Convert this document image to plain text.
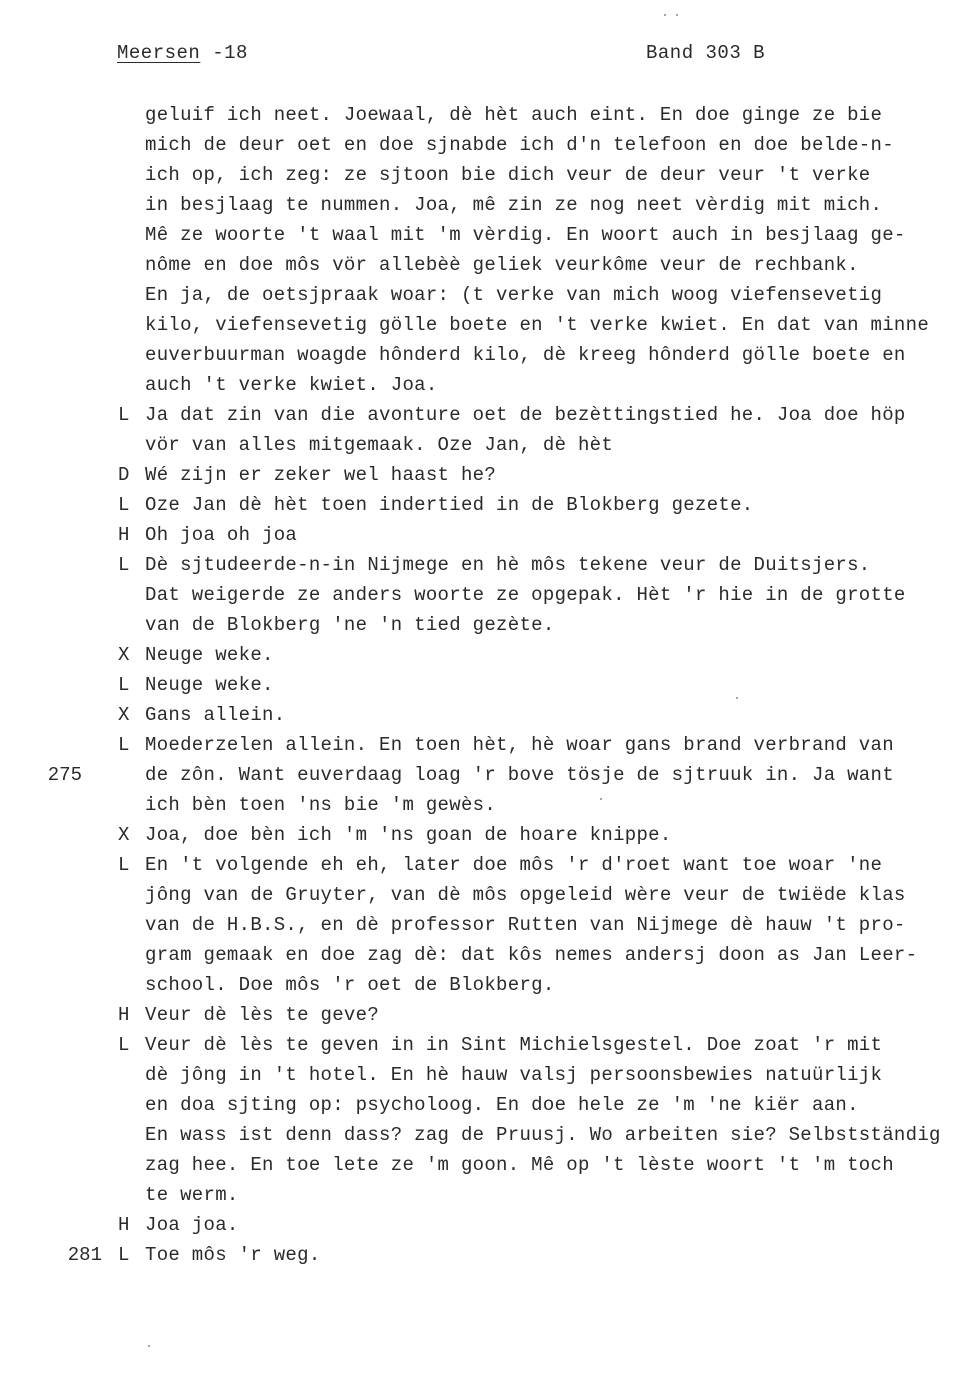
Meersen -18	Band 303 B
geluif ich neet. Joewaal, dè hèt auch eint. En doe ginge ze bie
mich de deur oet en doe sjnabde ich d'n telefoon en doe belde-n-
ich op, ich zeg: ze sjtoon bie dich veur de deur veur 't verke
in besjlaag te nummen. Joa, mê zin ze nog neet vèrdig mit mich.
Mê ze woorte 't waal mit 'm vèrdig. En woort auch in besjlaag ge-
nôme en doe môs vör allebèè geliek veurkôme veur de rechbank.
En ja, de oetsjpraak woar: (t verke van mich woog viefensevetig
kilo, viefensevetig gölle boete en 't verke kwiet. En dat van minne
euverbuurman woagde hônderd kilo, dè kreeg hônderd gölle boete en
auch 't verke kwiet. Joa.
L Ja dat zin van die avonture oet de bezèttingstied he. Joa doe höp
vör van alles mitgemaak. Oze Jan, dè hèt
D Wé zijn er zeker wel haast he?
L Oze Jan dè hèt toen indertied in de Blokberg gezete.
H Oh joa oh joa
L Dè sjtudeerde-n-in Nijmege en hè môs tekene veur de Duitsjers.
Dat weigerde ze anders woorte ze opgepak. Hèt 'r hie in de grotte
van de Blokberg 'ne 'n tied gezète.
X Neuge weke.
L Neuge weke.
X Gans allein.
L Moederzelen allein. En toen hèt, hè woar gans brand verbrand van
275	de zôn. Want euverdaag loag 'r bove tösje de sjtruuk in. Ja want
ich bèn toen 'ns bie 'm gewès.
X Joa, doe bèn ich 'm 'ns goan de hoare knippe.
L En 't volgende eh eh, later doe môs 'r d'roet want toe woar 'ne
jông van de Gruyter, van dè môs opgeleid wère veur de twiëde klas
van de H.B.S., en dè professor Rutten van Nijmege dè hauw 't pro-
gram gemaak en doe zag dè: dat kôs nemes andersj doon as Jan Leer-
school. Doe môs 'r oet de Blokberg.
H Veur dè lès te geve?
L Veur dè lès te geven in in Sint Michielsgestel. Doe zoat 'r mit
dè jông in 't hotel. En hè hauw valsj persoonsbewies natuürlijk
en doa sjting op: psycholoog. En doe hele ze 'm 'ne kiër aan.
En wass ist denn dass? zag de Pruusj. Wo arbeiten sie? Selbstständig
zag hee. En toe lete ze 'm goon. Mê op 't lèste woort 't 'm toch
te werm.
H Joa joa.
281 L Toe môs 'r weg.
